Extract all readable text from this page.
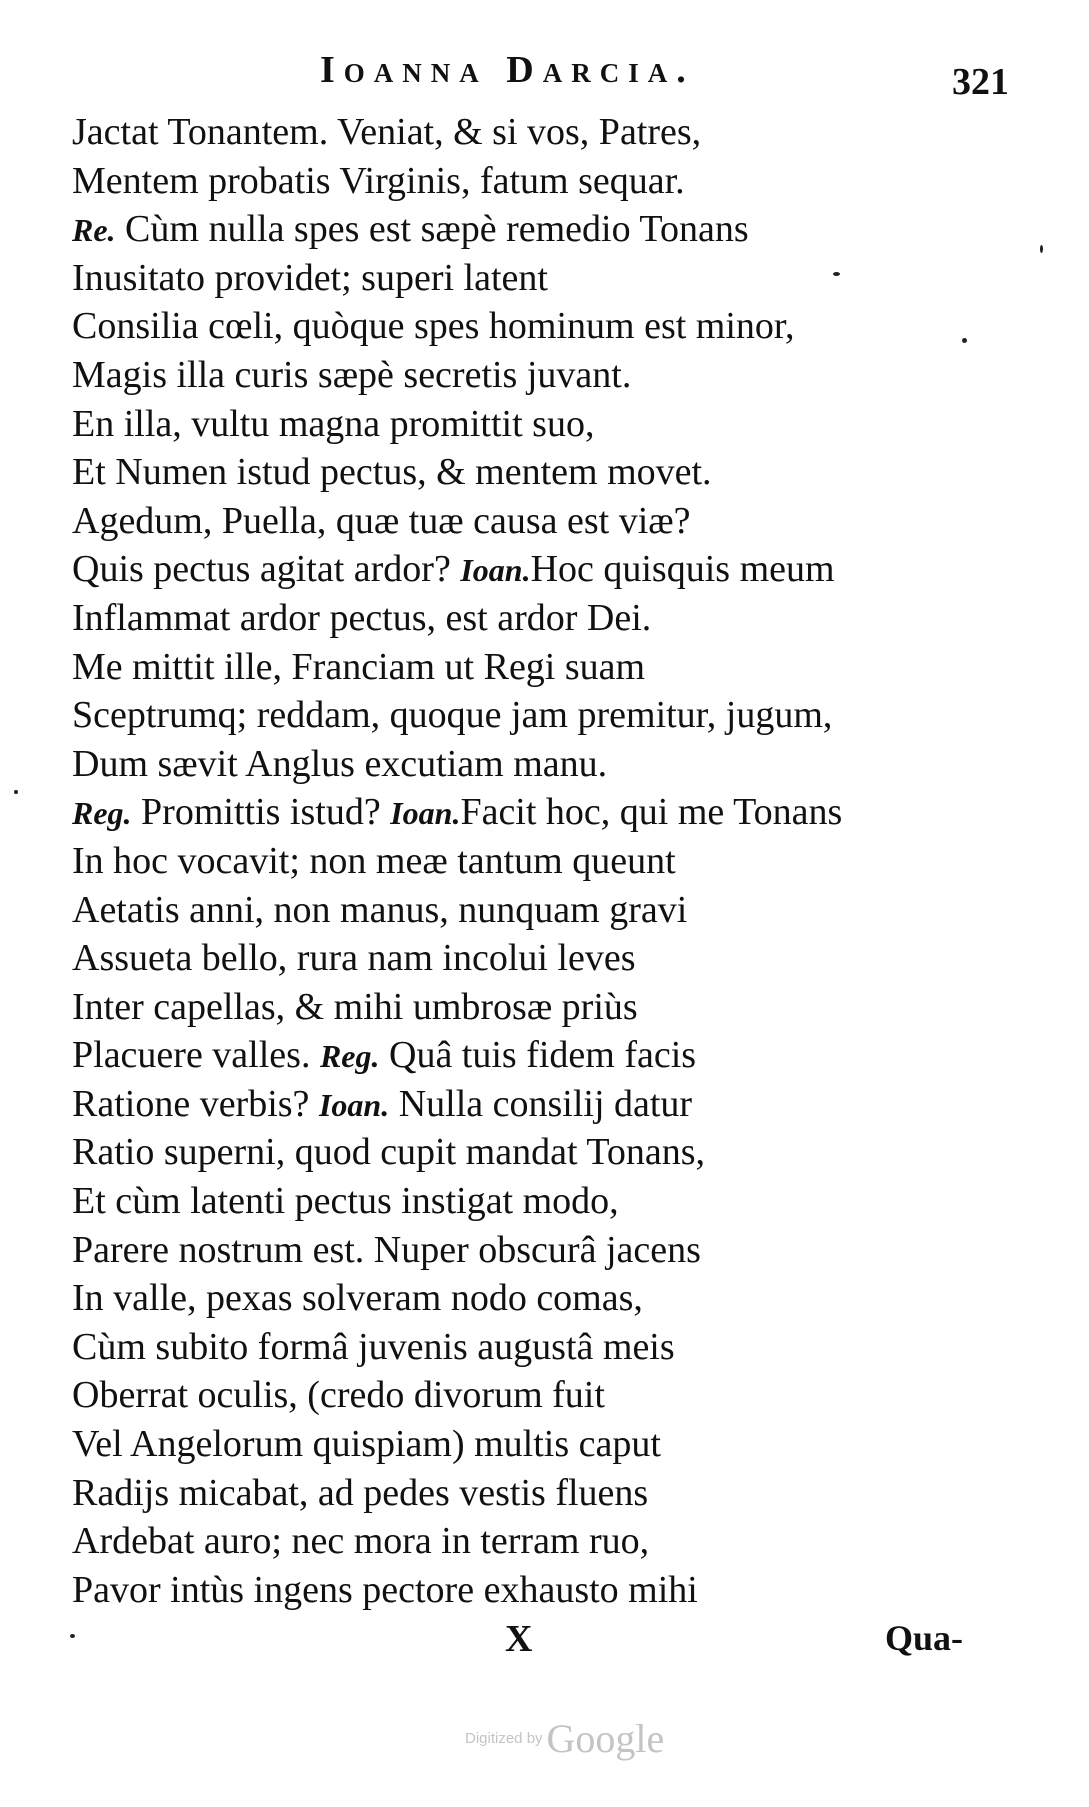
Ioanna Darcia.	321
Jactat Tonantem. Veniat, & si vos, Patres,
Mentem probatis Virginis, fatum sequar.
Re. Cùm nulla spes est sæpè remedio Tonans
Inusitato providet; superi latent
Consilia cœli, quòque spes hominum est minor,
Magis illa curis sæpè secretis juvant.
En illa, vultu magna promittit suo,
Et Numen istud pectus, & mentem movet.
Agedum, Puella, quæ tuæ causa est viæ?
Quis pectus agitat ardor? Ioan.Hoc quisquis meum
Inflammat ardor pectus, est ardor Dei.
Me mittit ille, Franciam ut Regi suam
Sceptrumq; reddam, quoque jam premitur, jugum,
Dum sævit Anglus excutiam manu.
Reg. Promittis istud? Ioan.Facit hoc, qui me Tonans
In hoc vocavit; non meæ tantum queunt
Aetatis anni, non manus, nunquam gravi
Assueta bello, rura nam incolui leves
Inter capellas, & mihi umbrosæ priùs
Placuere valles. Reg. Quâ tuis fidem facis
Ratione verbis? Ioan. Nulla consilij datur
Ratio superni, quod cupit mandat Tonans,
Et cùm latenti pectus instigat modo,
Parere nostrum est. Nuper obscurâ jacens
In valle, pexas solveram nodo comas,
Cùm subito formâ juvenis augustâ meis
Oberrat oculis, (credo divorum fuit
Vel Angelorum quispiam) multis caput
Radijs micabat, ad pedes vestis fluens
Ardebat auro; nec mora in terram ruo,
Pavor intùs ingens pectore exhausto mihi
X	Qua-
Digitized by Google
